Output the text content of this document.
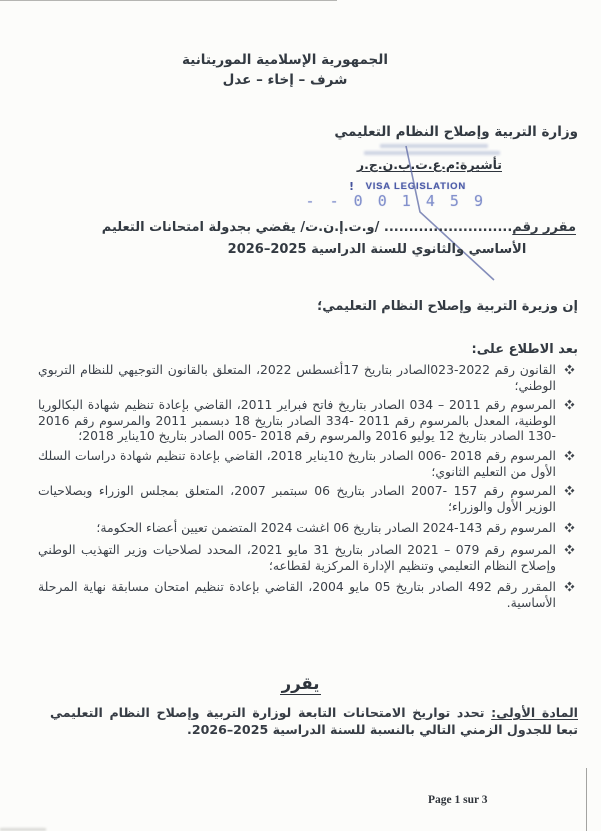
الجمهورية الإسلامية الموريتانية
شرف – إخاء – عدل
وزارة التربية وإصلاح النظام التعليمي
تأشيرة:م.ع.ت.ب.ن.ج.ر
! VISA LEGISLATION
- - 0 0 1 4 5 9

مقرر رقم.......................... /و.ت.إ.ن.ت/ يقضي بجدولة امتحانات التعليم

الأساسي والثانوي للسنة الدراسية 2025–2026

إن وزيرة التربية وإصلاح النظام التعليمي؛

بعد الاطلاع على:

القانون رقم 2022-023الصادر بتاريخ 17أغسطس 2022، المتعلق بالقانون التوجيهي للنظام التربوي الوطني؛
المرسوم رقم 2011 – 034 الصادر بتاريخ فاتح فبراير 2011، القاضي بإعادة تنظيم شهادة البكالوريا الوطنية، المعدل بالمرسوم رقم 2011 -334 الصادر بتاريخ 18 دبسمبر 2011 والمرسوم رقم 2016 -130 الصادر بتاريخ 12 يوليو 2016 والمرسوم رقم 2018 -005 الصادر بتاريخ 10يناير 2018؛
المرسوم رقم 2018 -006 الصادر بتاريخ 10يناير 2018، القاضي بإعادة تنظيم شهادة دراسات السلك الأول من التعليم الثانوي؛
المرسوم رقم 157 -2007 الصادر بتاريخ 06 سبتمبر 2007، المتعلق بمجلس الوزراء وبصلاحيات الوزير الأول والوزراء؛
المرسوم رقم 143-2024 الصادر بتاريخ 06 اغشت 2024 المتضمن تعيين أعضاء الحكومة؛
المرسوم رقم 079 – 2021 الصادر بتاريخ 31 مايو 2021، المحدد لصلاحيات وزير التهذيب الوطني وإصلاح النظام التعليمي وتنظيم الإدارة المركزية لقطاعه؛
المقرر رقم 492 الصادر بتاريخ 05 مايو 2004، القاضي بإعادة تنظيم امتحان مسابقة نهاية المرحلة الأساسية.
يقرر

المادة الأولى: تحدد تواريخ الامتحانات التابعة لوزارة التربية وإصلاح النظام التعليمي تبعا للجدول الزمني التالي بالنسبة للسنة الدراسية 2025–2026.

Page 1 sur 3
